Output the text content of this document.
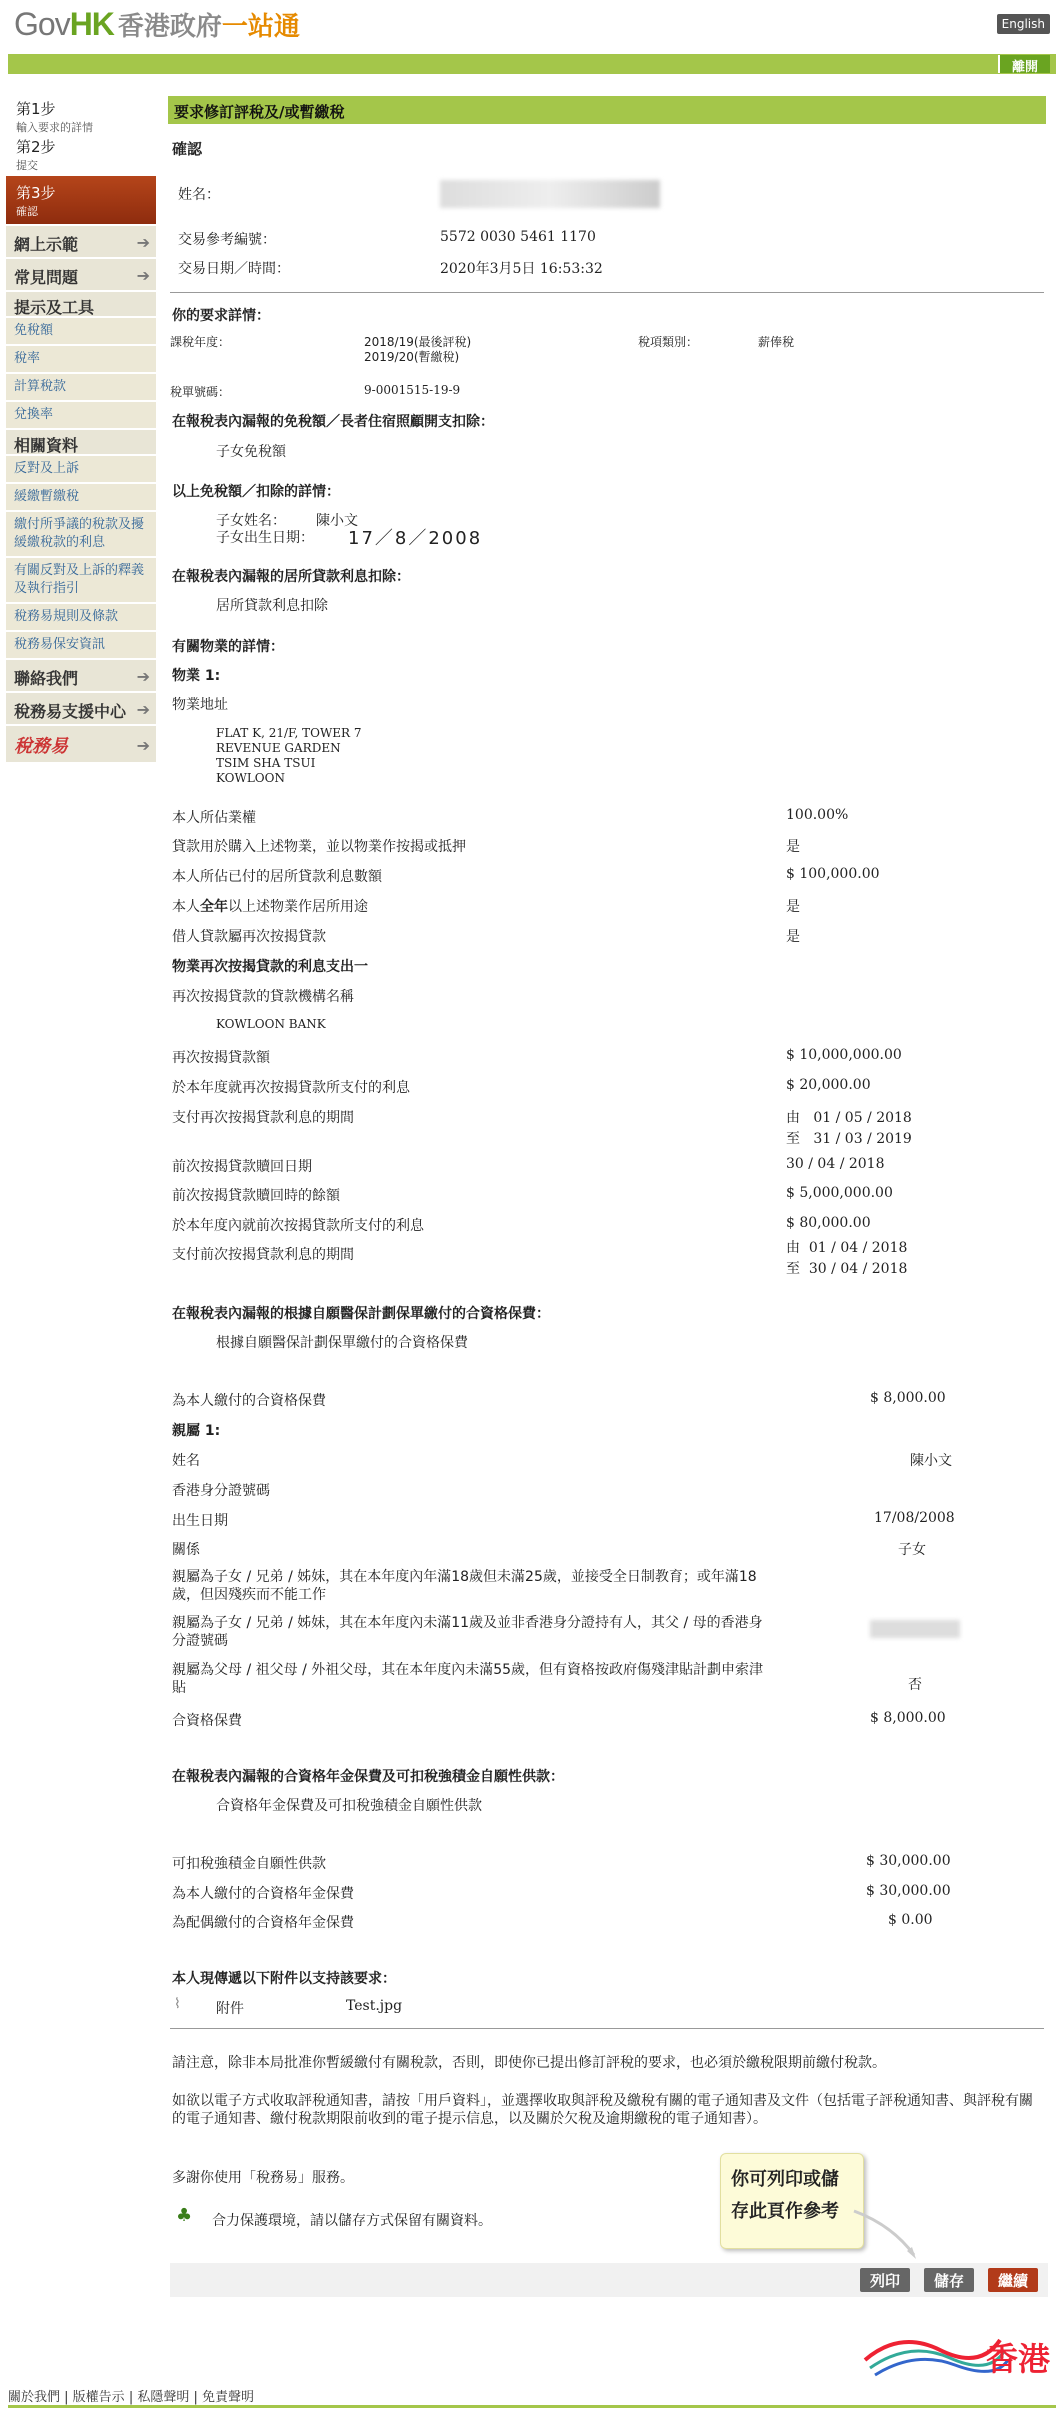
Gov HK 香港政府 一站通	English
離開
第1步
輸入要求的詳情
第2步
提交
第3步
確認
網上示範	➔
常見問題	➔
提示及工具
免稅額
稅率
計算稅款
兌換率
相關資料
反對及上訴
緩繳暫繳稅
繳付所爭議的稅款及擾緩繳稅款的利息
有關反對及上訴的釋義及執行指引
稅務易規則及條款
稅務易保安資訊
聯絡我們	➔
稅務易支援中心 ➔
稅務易	➔
要求修訂評稅及/或暫繳稅
確認
姓名：
交易參考編號：	5572 0030 5461 1170
交易日期／時間：	2020年3月5日 16:53:32
你的要求詳情：
課稅年度：	2018/19(最後評稅)
2019/20(暫繳稅)
稅項類別：	薪俸稅
稅單號碼：	9-0001515-19-9
在報稅表內漏報的免稅額／長者住宿照顧開支扣除：
子女免稅額
以上免稅額／扣除的詳情：
子女姓名： 陳小文
子女出生日期： 17／8／2008
在報稅表內漏報的居所貸款利息扣除：
居所貸款利息扣除
有關物業的詳情：
物業 1:
物業地址
FLAT K, 21/F, TOWER 7
REVENUE GARDEN
TSIM SHA TSUI
KOWLOON
本人所佔業權	100.00%
貸款用於購入上述物業，並以物業作按揭或抵押	是
本人所佔已付的居所貸款利息數額	$ 100,000.00
本人全年以上述物業作居所用途	是
借人貸款屬再次按揭貸款	是
物業再次按揭貸款的利息支出一
再次按揭貸款的貸款機構名稱
KOWLOON BANK
再次按揭貸款額	$ 10,000,000.00
於本年度就再次按揭貸款所支付的利息	$ 20,000.00
支付再次按揭貸款利息的期間	由   01 / 05 / 2018
至   31 / 03 / 2019
前次按揭貸款贖回日期	30 / 04 / 2018
前次按揭貸款贖回時的餘額	$ 5,000,000.00
於本年度內就前次按揭貸款所支付的利息	$ 80,000.00
支付前次按揭貸款利息的期間	由  01 / 04 / 2018
至  30 / 04 / 2018
在報稅表內漏報的根據自願醫保計劃保單繳付的合資格保費：
根據自願醫保計劃保單繳付的合資格保費
為本人繳付的合資格保費	$ 8,000.00
親屬 1:
姓名	陳小文
香港身分證號碼
出生日期	17/08/2008
關係	子女
親屬為子女 / 兄弟 / 姊妹，其在本年度內年滿18歲但未滿25歲，並接受全日制教育；或年滿18歲，但因殘疾而不能工作
親屬為子女 / 兄弟 / 姊妹，其在本年度內未滿11歲及並非香港身分證持有人，其父 / 母的香港身分證號碼
親屬為父母 / 祖父母 / 外祖父母，其在本年度內未滿55歲，但有資格按政府傷殘津貼計劃申索津貼	否
合資格保費	$ 8,000.00
在報稅表內漏報的合資格年金保費及可扣稅強積金自願性供款：
合資格年金保費及可扣稅強積金自願性供款
可扣稅強積金自願性供款	$ 30,000.00
為本人繳付的合資格年金保費	$ 30,000.00
為配偶繳付的合資格年金保費	$ 0.00
本人現傳遞以下附件以支持該要求：
⌇	附件	Test.jpg
請注意，除非本局批准你暫緩繳付有關稅款，否則，即使你已提出修訂評稅的要求，也必須於繳稅限期前繳付稅款。
如欲以電子方式收取評稅通知書，請按「用戶資料」，並選擇收取與評稅及繳稅有關的電子通知書及文件（包括電子評稅通知書、與評稅有關的電子通知書、繳付稅款期限前收到的電子提示信息，以及關於欠稅及逾期繳稅的電子通知書）。
多謝你使用「稅務易」服務。
♣ 合力保護環境，請以儲存方式保留有關資料。
你可列印或儲存此頁作參考
列印	儲存	繼續
香港
關於我們 | 版權告示 | 私隱聲明 | 免責聲明
